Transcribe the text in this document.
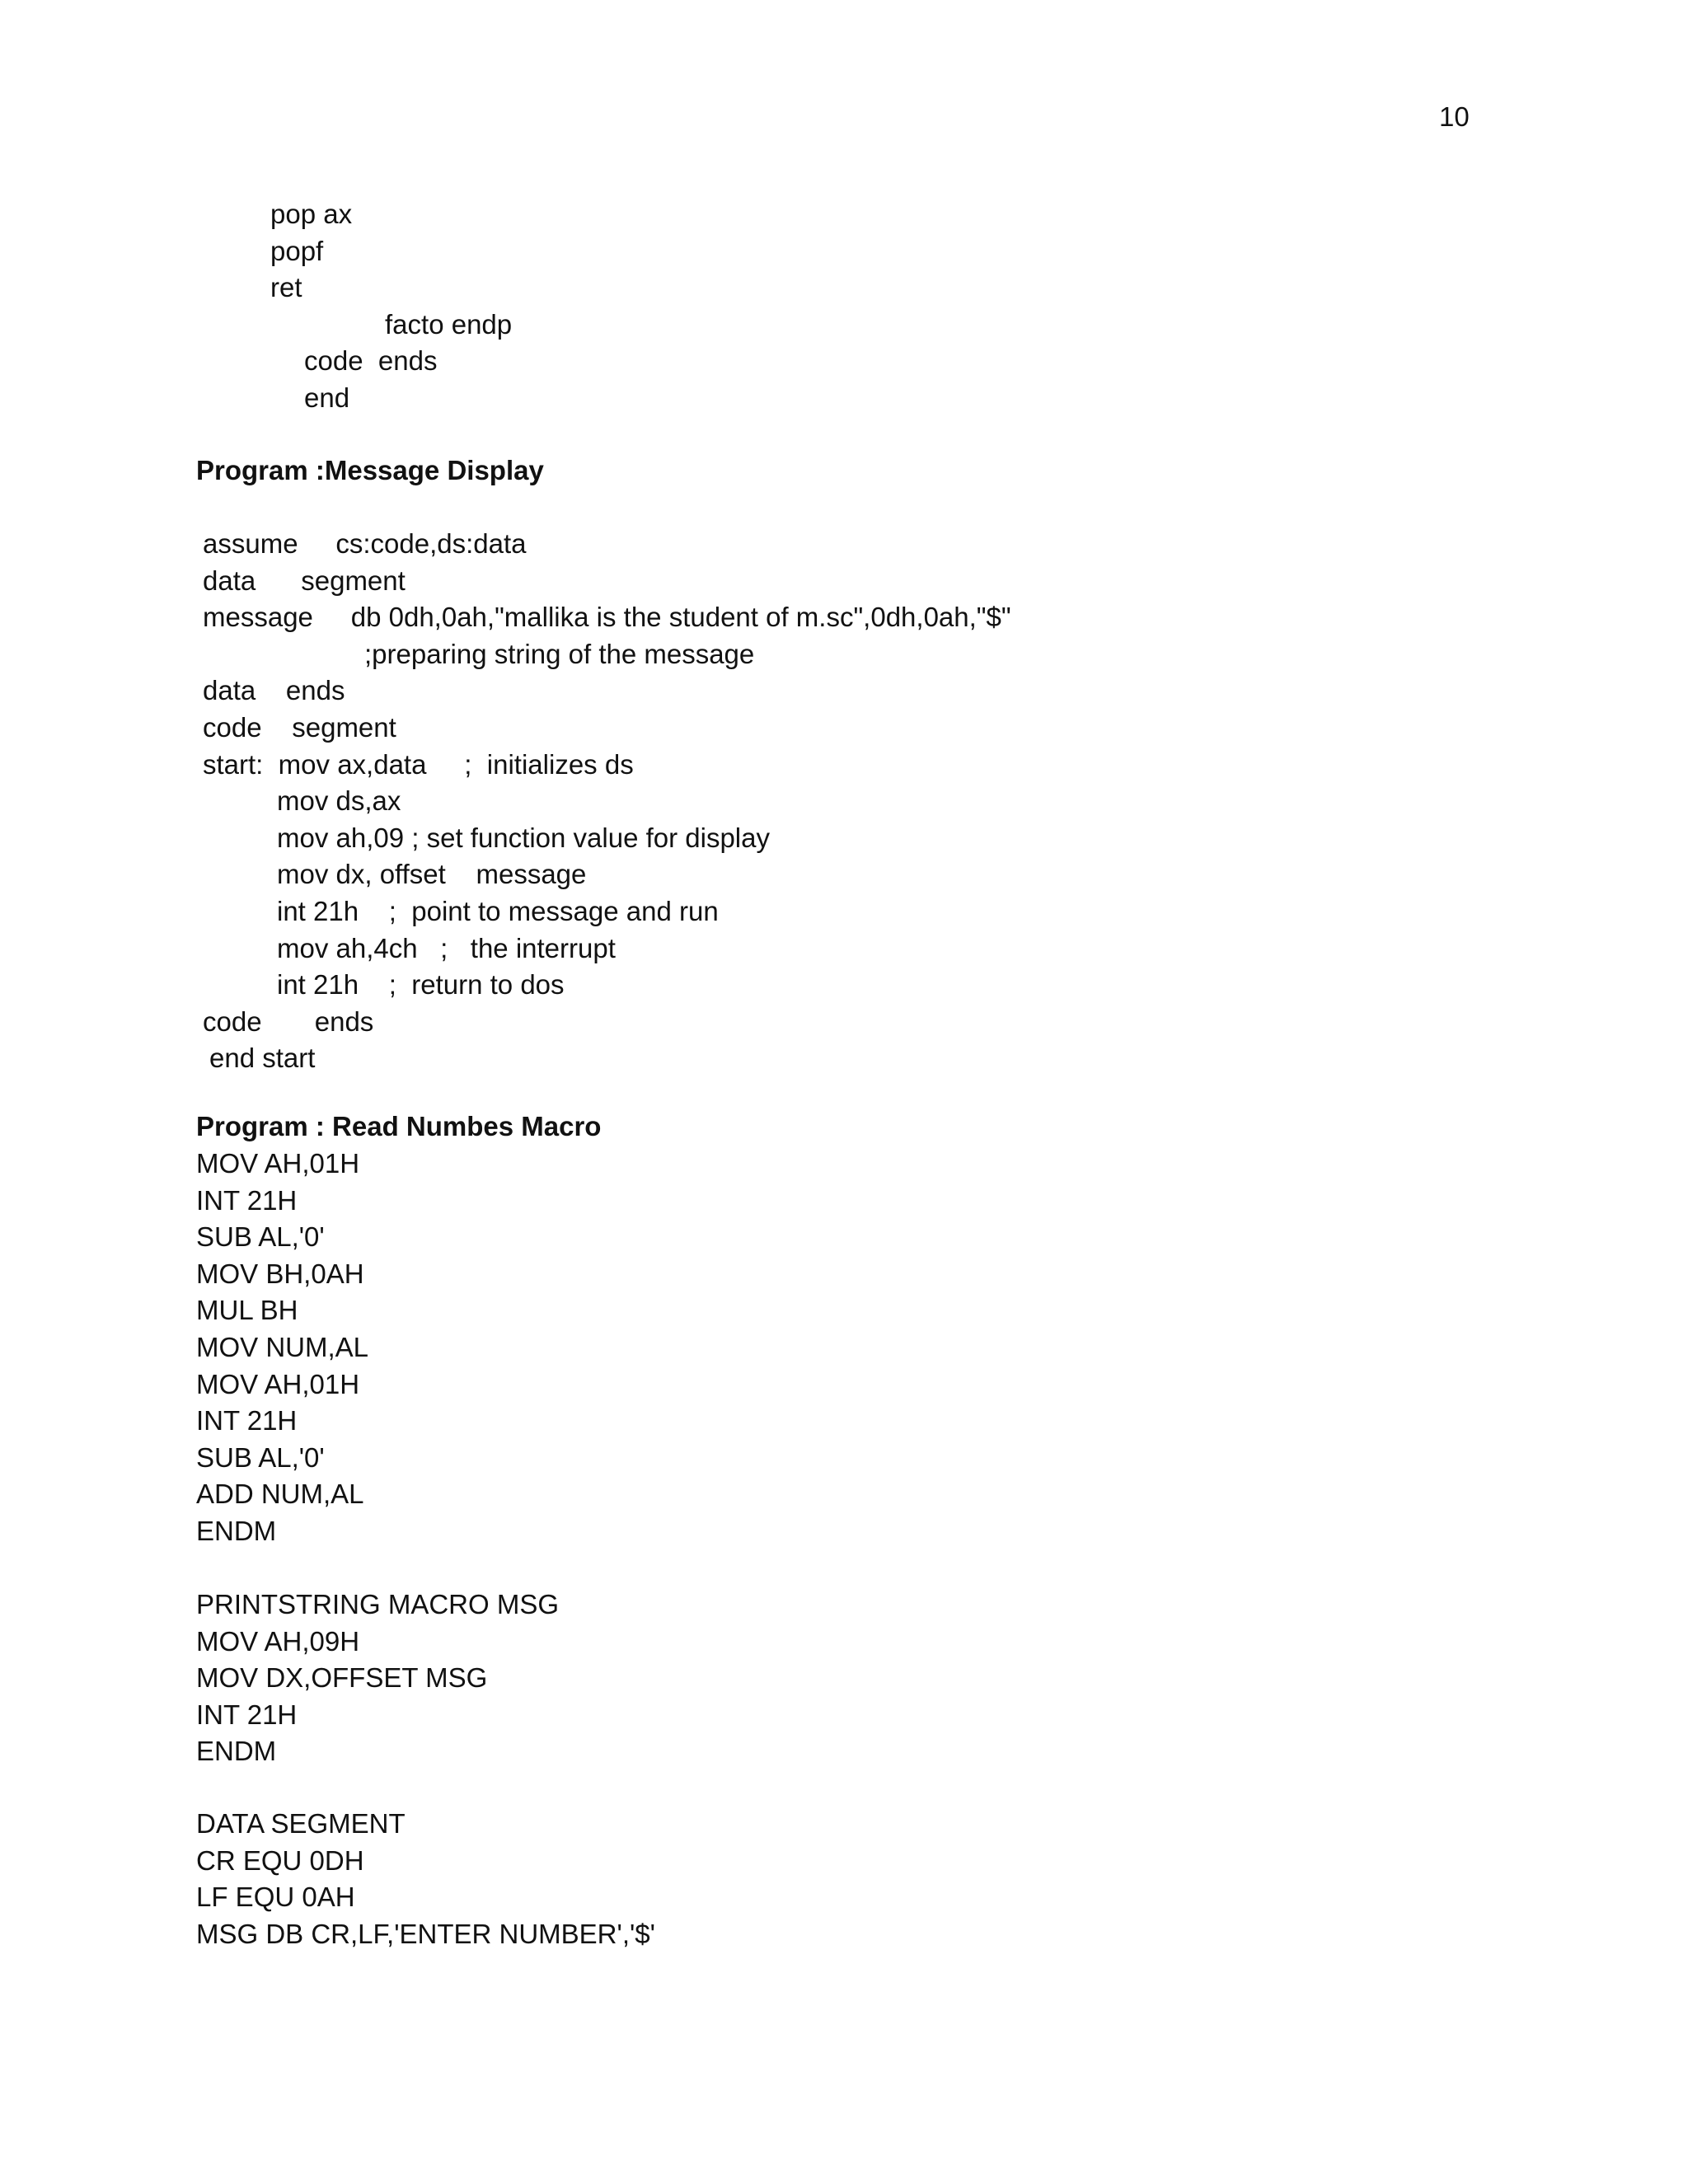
10
pop ax
popf
ret
facto endp
code  ends
end
Program :Message Display
assume     cs:code,ds:data
data      segment
message     db 0dh,0ah,"mallika is the student of m.sc",0dh,0ah,"$"
;preparing string of the message
data    ends
code    segment
start:  mov ax,data     ;  initializes ds
mov ds,ax
mov ah,09 ; set function value for display
mov dx, offset    message
int 21h    ;  point to message and run
mov ah,4ch   ;   the interrupt
int 21h    ;  return to dos
code       ends
end start
Program : Read Numbes Macro
MOV AH,01H
INT 21H
SUB AL,'0'
MOV BH,0AH
MUL BH
MOV NUM,AL
MOV AH,01H
INT 21H
SUB AL,'0'
ADD NUM,AL
ENDM
PRINTSTRING MACRO MSG
MOV AH,09H
MOV DX,OFFSET MSG
INT 21H
ENDM
DATA SEGMENT
CR EQU 0DH
LF EQU 0AH
MSG DB CR,LF,'ENTER NUMBER','$'
